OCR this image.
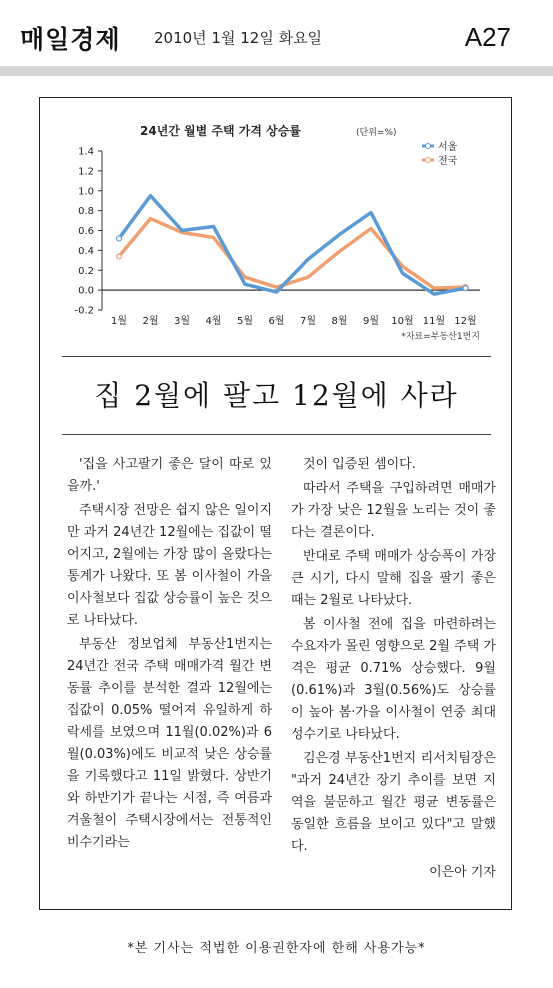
매일경제 2010년 1월 12일 화요일	A27
24년간 월별 주택 가격 상승률	(단위=%)
1.4
1.2
1.0
0.8
0.6
0.4
0.2
0.0
-0.2
1월 2월 3월 4월 5월 6월 7월 8월 9월 10월 11월 12월
서울
전국
*자료=부동산1번지
집 2월에 팔고 12월에 사라

'집을 사고팔기 좋은 달이 따로 있을까.'

주택시장 전망은 쉽지 않은 일이지만 과거 24년간 12월에는 집값이 떨어지고, 2월에는 가장 많이 올랐다는 통계가 나왔다. 또 봄 이사철이 가을 이사철보다 집값 상승률이 높은 것으로 나타났다.

부동산 정보업체 부동산1번지는 24년간 전국 주택 매매가격 월간 변동률 추이를 분석한 결과 12월에는 집값이 0.05% 떨어져 유일하게 하락세를 보였으며 11월(0.02%)과 6월(0.03%)에도 비교적 낮은 상승률을 기록했다고 11일 밝혔다. 상반기와 하반기가 끝나는 시점, 즉 여름과 겨울철이 주택시장에서는 전통적인 비수기라는

것이 입증된 셈이다.

따라서 주택을 구입하려면 매매가가 가장 낮은 12월을 노리는 것이 좋다는 결론이다.

반대로 주택 매매가 상승폭이 가장 큰 시기, 다시 말해 집을 팔기 좋은 때는 2월로 나타났다.

봄 이사철 전에 집을 마련하려는 수요자가 몰린 영향으로 2월 주택 가격은 평균 0.71% 상승했다. 9월(0.61%)과 3월(0.56%)도 상승률이 높아 봄·가을 이사철이 연중 최대 성수기로 나타났다.

김은경 부동산1번지 리서치팀장은 "과거 24년간 장기 추이를 보면 지역을 불문하고 월간 평균 변동률은 동일한 흐름을 보이고 있다"고 말했다.

이은아 기자
*본 기사는 적법한 이용권한자에 한해 사용가능*
